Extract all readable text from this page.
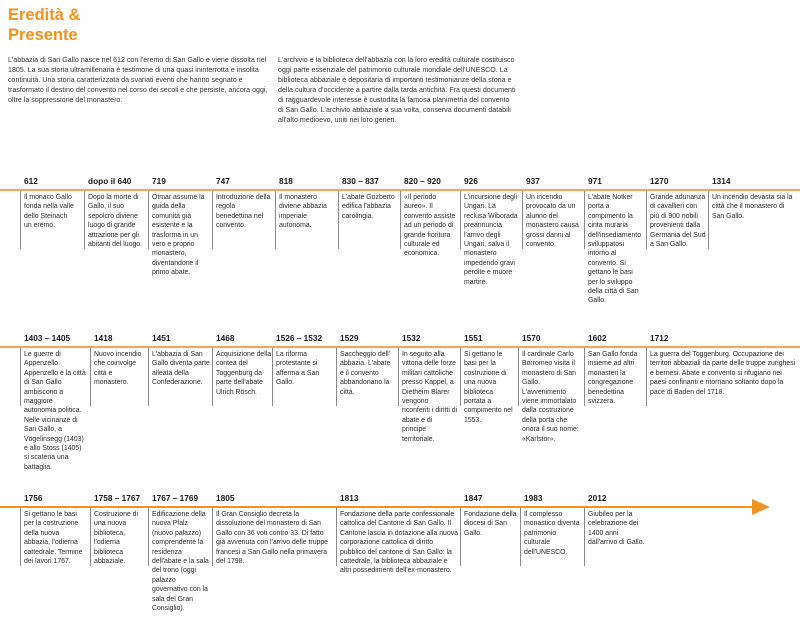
Eredità &
Presente
L'abbazia di San Gallo nasce nel 612 con l'eremo di San Gallo e viene dissolta nel 1805. La sua storia ultramillenaria è testimone di una quasi ininterrotta e insolita continuità. Una storia caratterizzata da svariati eventi che hanno segnato e trasformato il destino del convento nel corso dei secoli e che persiste, ancora oggi, oltre la soppressione del monastero.
L'archivio e la biblioteca dell'abbazia con la loro eredità culturale costituisco oggi parte essenziale del patrimonio culturale mondiale dell'UNESCO. La biblioteca abbaziale è depositaria di importanti testimonianze della storia e della cultura d'occidente a partire dalla tarda antichità. Fra questi documenti di ragguardevole interesse è custodita la famosa planimetria del convento di San Gallo. L'archivio abbaziale a sua volta, conserva documenti databili all'alto medioevo, uniti nei loro generi.
612
Il monaco Gallo fonda nella valle dello Steinach un eremo.
dopo il 640
Dopo la morte di Gallo, il suo sepolcro diviene luogo di grande attrazione per gli abitanti del luogo.
719
Otmar assume la guida della comunità già esistente e la trasforma in un vero e proprio monastero, diventandone il primo abate.
747
Introduzione della regola benedettina nel convento.
818
Il monastero diviene abbazia imperiale autonoma.
830 – 837
L'abate Gozberto edifica l'abbazia carolingia.
820 – 920
«Il periodo aureo». Il convento assiste ad un periodo di grande fioritura culturale ed economica.
926
L'incursione degli Ungari. La reclusa Wiborada preannuncia l'arrivo degli Ungari, salva il monastero impedendo gravi perdite e muore martire.
937
Un incendio provocato da un alunno del monastero causa grossi danni al convento.
971
L'abate Notker porta a compimento la cinta muraria dell'insediamento sviluppatosi intorno al convento. Si gettano le basi per lo sviluppo della città di San Gallo.
1270
Grande adunanza di cavallieri con più di 900 nobili provenienti dalla Germania del Sud a San Gallo.
1314
Un incendio devasta sia la città che il monastero di San Gallo.
1403 – 1405
Le guerre di Appenzello. Appenzello e la città di San Gallo ambiscono a maggiore autonomia politica. Nelle vicinanze di San Gallo, a Vögelinsegg (1403) e allo Stoss (1405) si scatena una battaglia.
1418
Nuovo incendio che coinvolge città e monastero.
1451
L'abbazia di San Gallo diventa parte alleata della Confederazione.
1468
Acquisizione della contea del Toggenburg da parte dell'abate Ulrich Rösch.
1526 – 1532
La riforma protestante si afferma a San Gallo.
1529
Saccheggio dell' abbazia. L'abate e il convento abbandonano la città.
1532
In seguito alla vittoria delle forze militari cattoliche presso Kappel, a Dietheim Blarer vengono riconferiti i diritti di abate e di principe territoriale.
1551
Si gettano le basi per la costruzione di una nuova biblioteca portata a compimento nel 1553.
1570
Il cardinale Carlo Borromeo visita il monastero di San Gallo. L'avvenimento viene immortalato dalla costruzione della porta che onora il suo nome: «Karlstor».
1602
San Gallo fonda insieme ad altri monasteri la congregazione benedettina svizzera.
1712
La guerra del Toggenburg. Occupazione dei territori abbaziali da parte delle truppe zurighesi e bernesi. Abate e convento si rifugiano nei paesi confinanti e ritornano soltanto dopo la pace di Baden del 1718.
1756
Si gettano le basi per la costruzione della nuova abbazia, l'odierna cattedrale. Termine dei lavori 1767.
1758 – 1767
Costruzione di una nuova biblioteca, l'odierna biblioteca abbaziale.
1767 – 1769
Edificazione della nuova Pfalz (nuovo palazzo) comprendente la residenza dell'abate e la sala del trono (oggi palazzo governativo con la sala del Gran Consiglio).
1805
Il Gran Consiglio decreta la dissoluzione del monastero di San Gallo con 36 voti contro 33. Di fatto già avvenuta con l'arrivo delle truppe francesi a San Gallo nella primavera del 1798.
1813
Fondazione della parte confessionale cattolica del Cantone di San Gallo. Il Cantone lascia in dotazione alla nuova corporazione cattolica di diritto pubblico del cantone di San Gallo: la cattedrale, la biblioteca abbaziale e altri possedimenti dell'ex-monastero.
1847
Fondazione della diocesi di San Gallo.
1983
Il complesso monastico diventa patrimonio culturale dell'UNESCO.
2012
Giubileo per la celebrazione dei 1400 anni dall'arrivo di Gallo.
